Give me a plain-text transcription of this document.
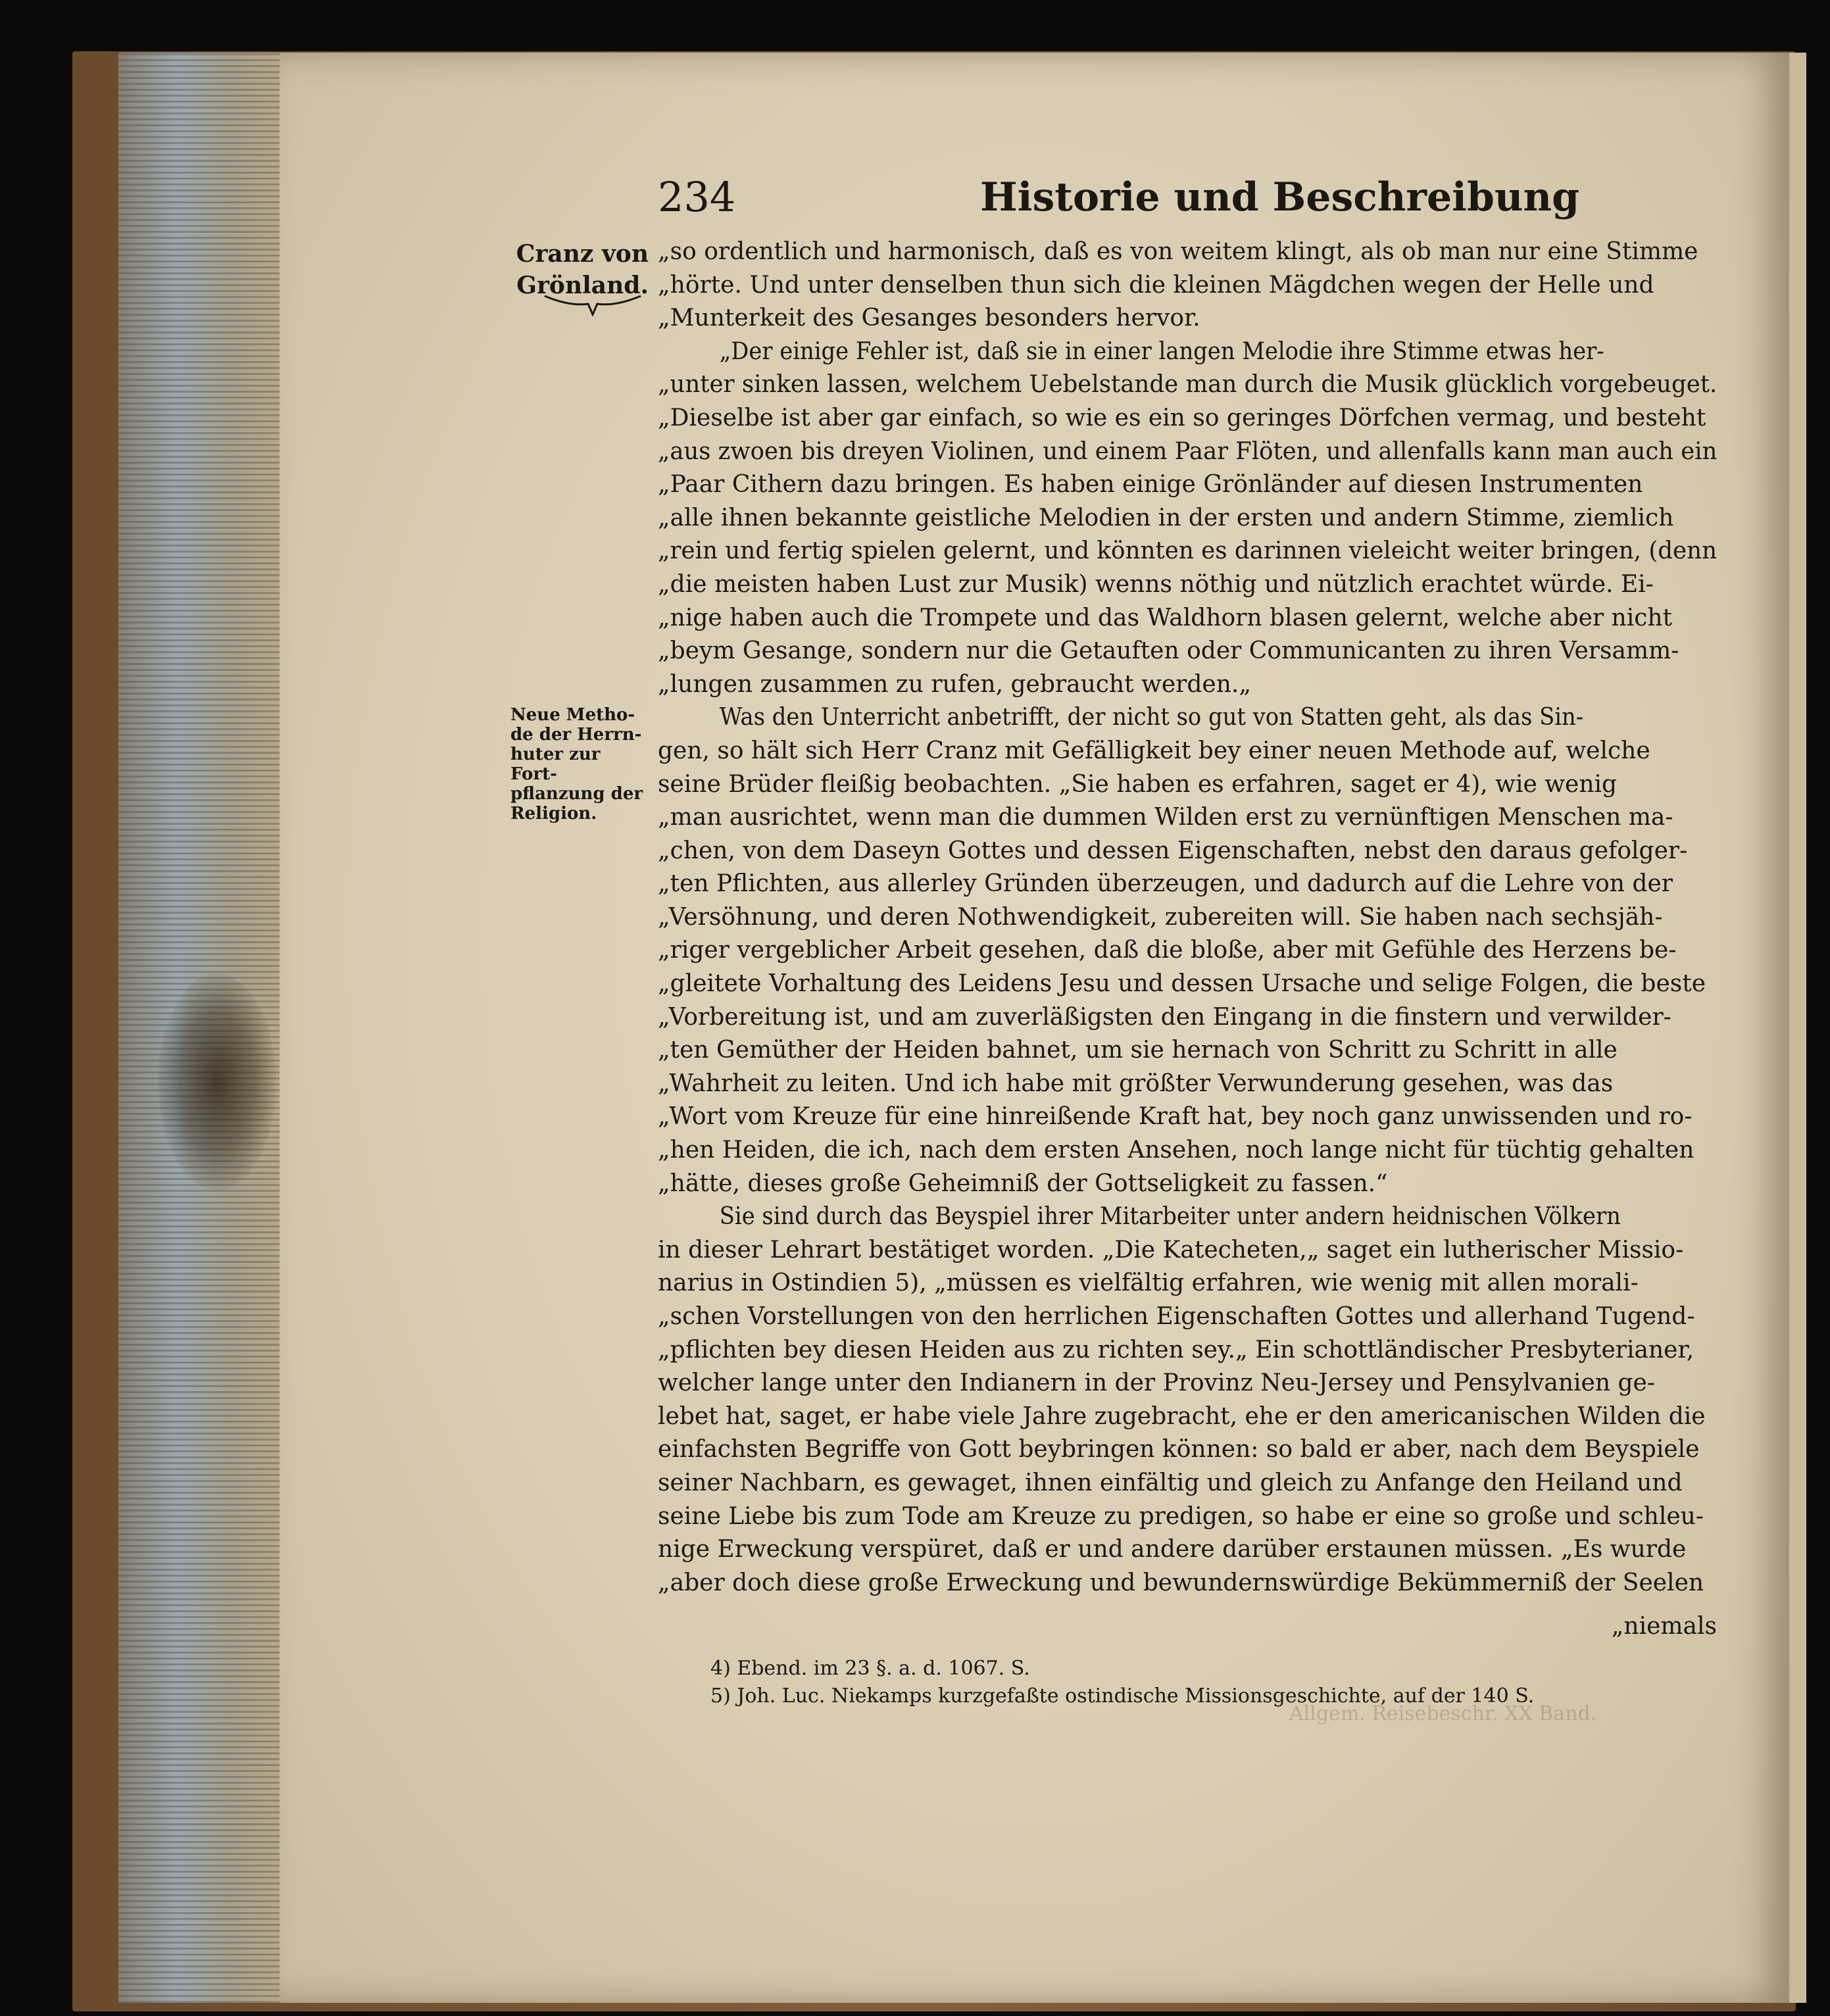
234	Historie und Beschreibung
Cranz von
Grönland.
Neue Metho-
de der Herrn-
huter zur Fort-
pflanzung der
Religion.
„so ordentlich und harmonisch, daß es von weitem klingt, als ob man nur eine Stimme
„hörte. Und unter denselben thun sich die kleinen Mägdchen wegen der Helle und
„Munterkeit des Gesanges besonders hervor.
„Der einige Fehler ist, daß sie in einer langen Melodie ihre Stimme etwas her-
„unter sinken lassen, welchem Uebelstande man durch die Musik glücklich vorgebeuget.
„Dieselbe ist aber gar einfach, so wie es ein so geringes Dörfchen vermag, und besteht
„aus zwoen bis dreyen Violinen, und einem Paar Flöten, und allenfalls kann man auch ein
„Paar Cithern dazu bringen. Es haben einige Grönländer auf diesen Instrumenten
„alle ihnen bekannte geistliche Melodien in der ersten und andern Stimme, ziemlich
„rein und fertig spielen gelernt, und könnten es darinnen vieleicht weiter bringen, (denn
„die meisten haben Lust zur Musik) wenns nöthig und nützlich erachtet würde. Ei-
„nige haben auch die Trompete und das Waldhorn blasen gelernt, welche aber nicht
„beym Gesange, sondern nur die Getauften oder Communicanten zu ihren Versamm-
„lungen zusammen zu rufen, gebraucht werden.„
Was den Unterricht anbetrifft, der nicht so gut von Statten geht, als das Sin-
gen, so hält sich Herr Cranz mit Gefälligkeit bey einer neuen Methode auf, welche
seine Brüder fleißig beobachten. „Sie haben es erfahren, saget er 4), wie wenig
„man ausrichtet, wenn man die dummen Wilden erst zu vernünftigen Menschen ma-
„chen, von dem Daseyn Gottes und dessen Eigenschaften, nebst den daraus gefolger-
„ten Pflichten, aus allerley Gründen überzeugen, und dadurch auf die Lehre von der
„Versöhnung, und deren Nothwendigkeit, zubereiten will. Sie haben nach sechsjäh-
„riger vergeblicher Arbeit gesehen, daß die bloße, aber mit Gefühle des Herzens be-
„gleitete Vorhaltung des Leidens Jesu und dessen Ursache und selige Folgen, die beste
„Vorbereitung ist, und am zuverläßigsten den Eingang in die finstern und verwilder-
„ten Gemüther der Heiden bahnet, um sie hernach von Schritt zu Schritt in alle
„Wahrheit zu leiten. Und ich habe mit größter Verwunderung gesehen, was das
„Wort vom Kreuze für eine hinreißende Kraft hat, bey noch ganz unwissenden und ro-
„hen Heiden, die ich, nach dem ersten Ansehen, noch lange nicht für tüchtig gehalten
„hätte, dieses große Geheimniß der Gottseligkeit zu fassen.“
Sie sind durch das Beyspiel ihrer Mitarbeiter unter andern heidnischen Völkern
in dieser Lehrart bestätiget worden. „Die Katecheten,„ saget ein lutherischer Missio-
narius in Ostindien 5), „müssen es vielfältig erfahren, wie wenig mit allen morali-
„schen Vorstellungen von den herrlichen Eigenschaften Gottes und allerhand Tugend-
„pflichten bey diesen Heiden aus zu richten sey.„ Ein schottländischer Presbyterianer,
welcher lange unter den Indianern in der Provinz Neu-Jersey und Pensylvanien ge-
lebet hat, saget, er habe viele Jahre zugebracht, ehe er den americanischen Wilden die
einfachsten Begriffe von Gott beybringen können: so bald er aber, nach dem Beyspiele
seiner Nachbarn, es gewaget, ihnen einfältig und gleich zu Anfange den Heiland und
seine Liebe bis zum Tode am Kreuze zu predigen, so habe er eine so große und schleu-
nige Erweckung verspüret, daß er und andere darüber erstaunen müssen. „Es wurde
„aber doch diese große Erweckung und bewundernswürdige Bekümmerniß der Seelen
„niemals
4) Ebend. im 23 §. a. d. 1067. S.
5) Joh. Luc. Niekamps kurzgefaßte ostindische Missionsgeschichte, auf der 140 S.
Allgem. Reisebeschr. XX Band.
